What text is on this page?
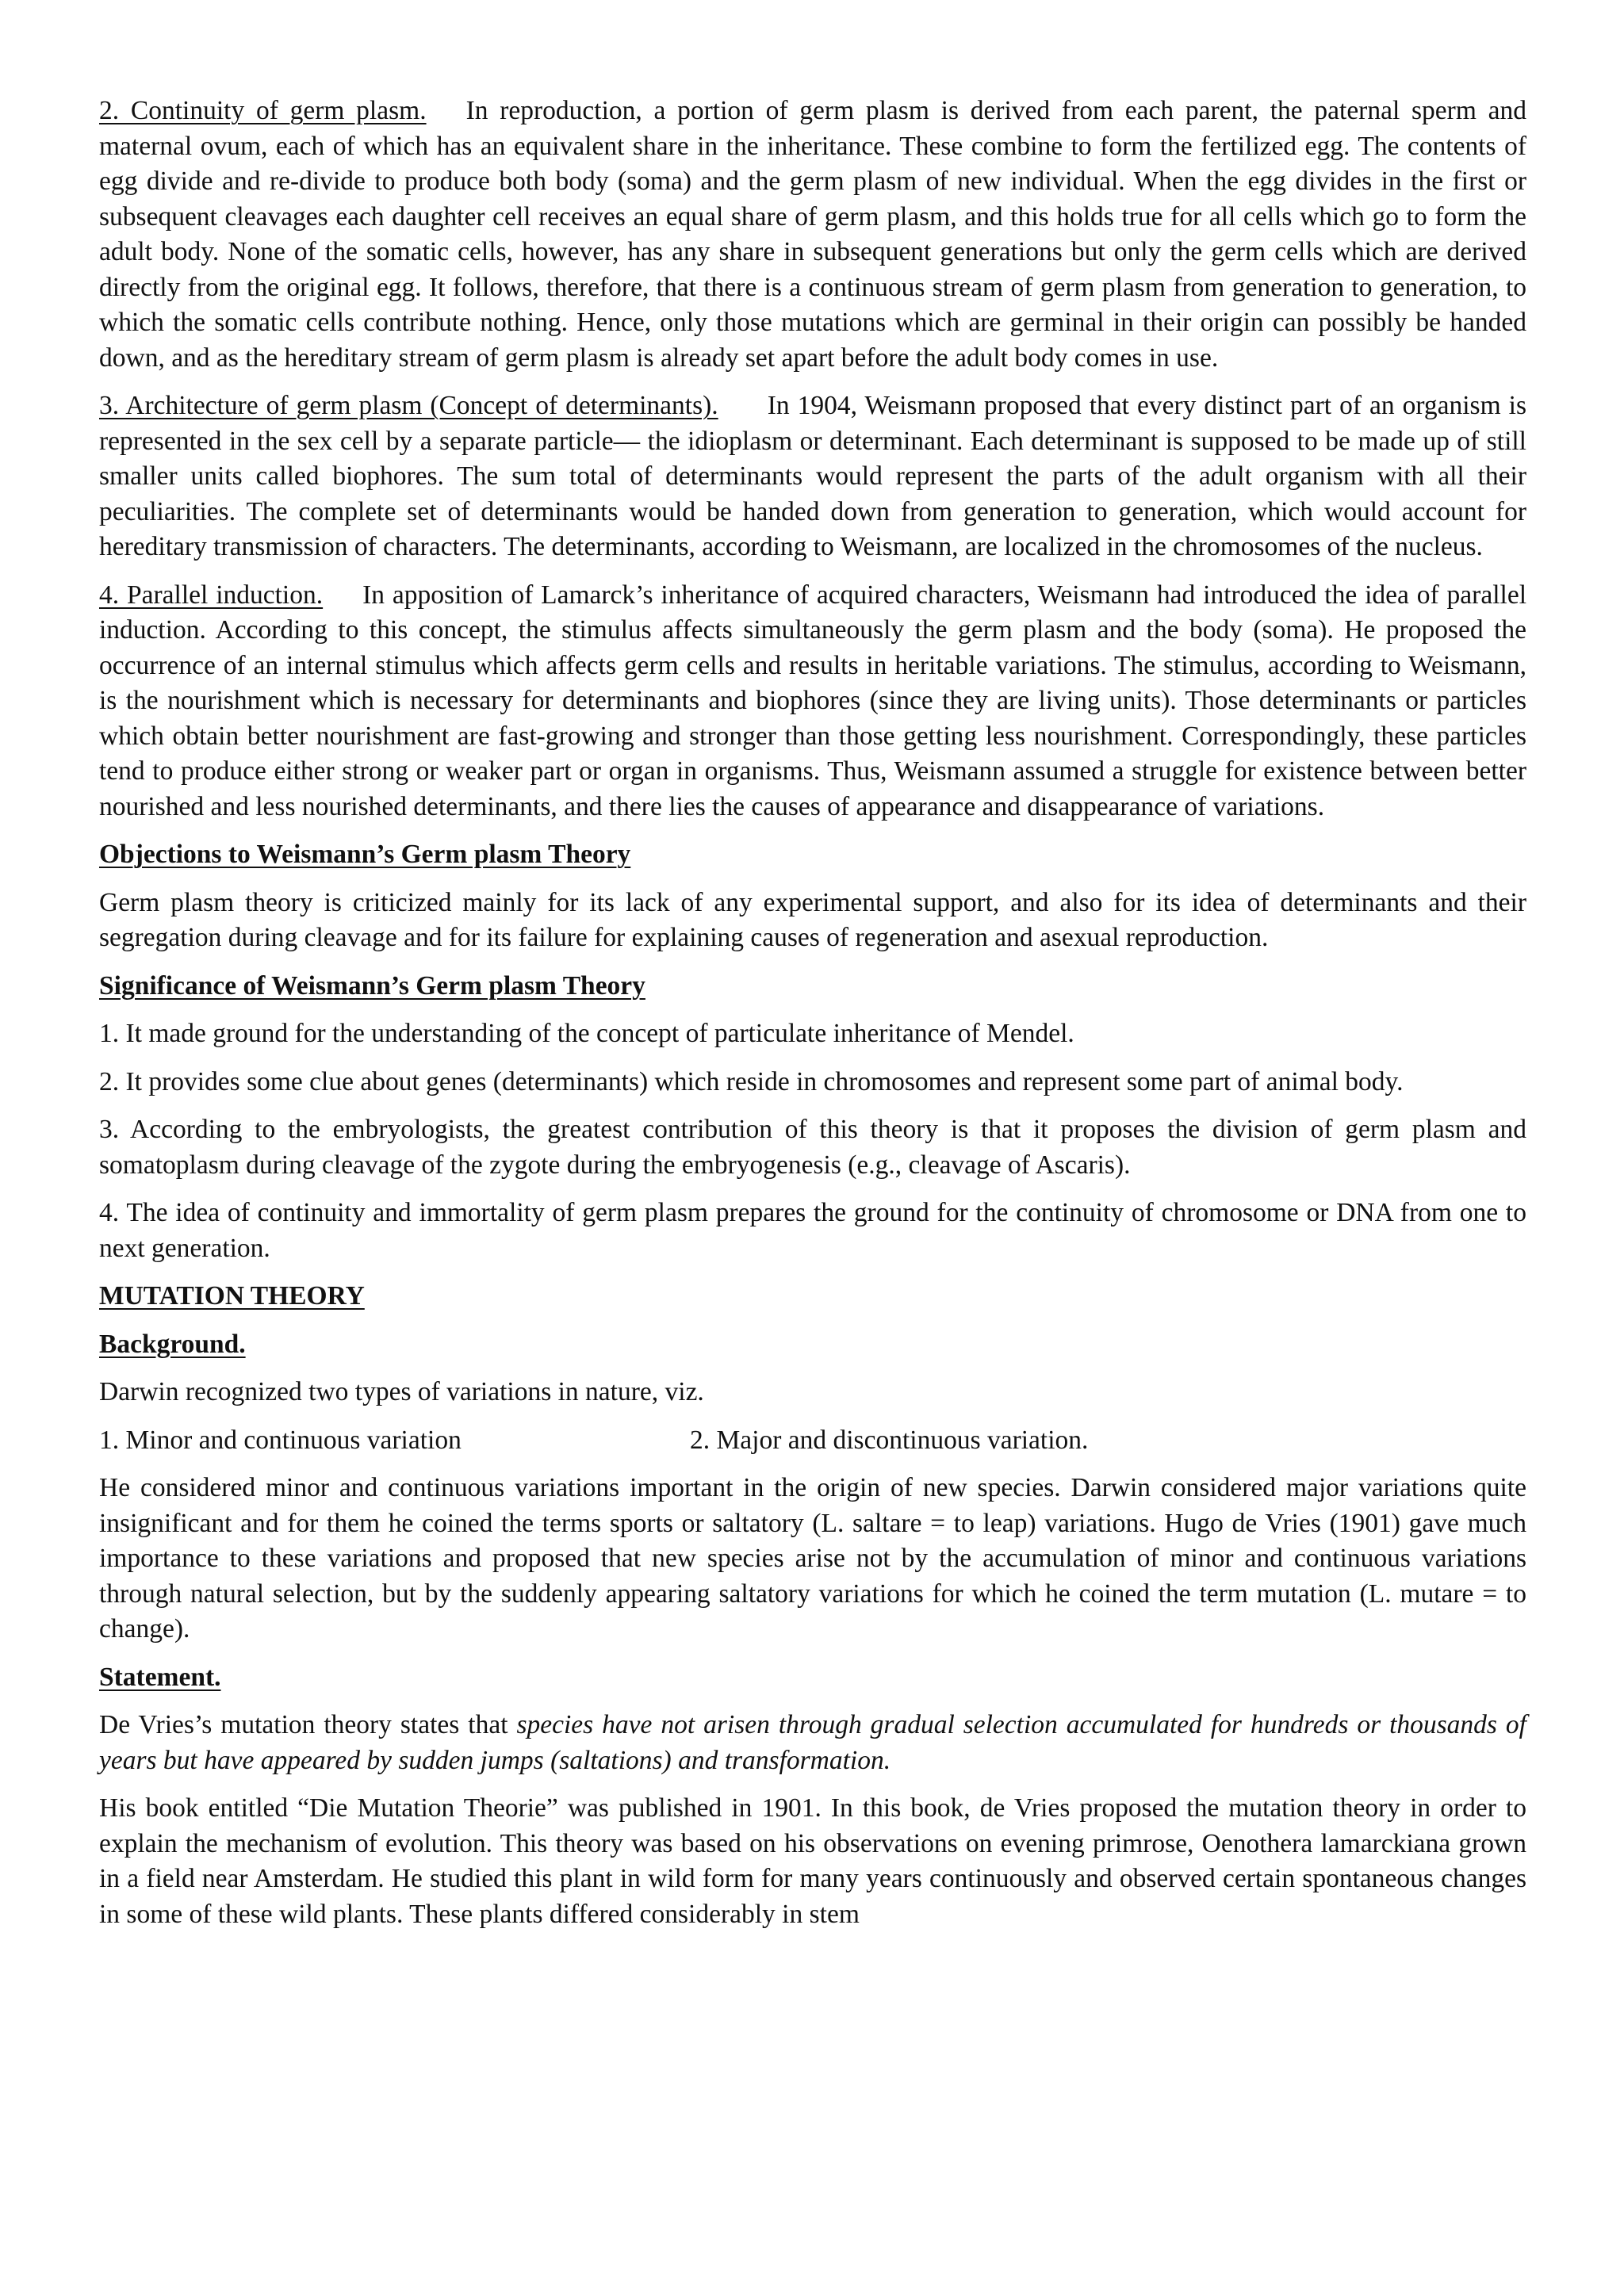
2. Continuity of germ plasm. In reproduction, a portion of germ plasm is derived from each parent, the paternal sperm and maternal ovum, each of which has an equivalent share in the inheritance. These combine to form the fertilized egg. The contents of egg divide and re-divide to produce both body (soma) and the germ plasm of new individual. When the egg divides in the first or subsequent cleavages each daughter cell receives an equal share of germ plasm, and this holds true for all cells which go to form the adult body. None of the somatic cells, however, has any share in subsequent generations but only the germ cells which are derived directly from the original egg. It follows, therefore, that there is a continuous stream of germ plasm from generation to generation, to which the somatic cells contribute nothing. Hence, only those mutations which are germinal in their origin can possibly be handed down, and as the hereditary stream of germ plasm is already set apart before the adult body comes in use.

3. Architecture of germ plasm (Concept of determinants). In 1904, Weismann proposed that every distinct part of an organism is represented in the sex cell by a separate particle— the idioplasm or determinant. Each determinant is supposed to be made up of still smaller units called biophores. The sum total of determinants would represent the parts of the adult organism with all their peculiarities. The complete set of determinants would be handed down from generation to generation, which would account for hereditary transmission of characters. The determinants, according to Weismann, are localized in the chromosomes of the nucleus.

4. Parallel induction. In apposition of Lamarck’s inheritance of acquired characters, Weismann had introduced the idea of parallel induction. According to this concept, the stimulus affects simultaneously the germ plasm and the body (soma). He proposed the occurrence of an internal stimulus which affects germ cells and results in heritable variations. The stimulus, according to Weismann, is the nourishment which is necessary for determinants and biophores (since they are living units). Those determinants or particles which obtain better nourishment are fast-growing and stronger than those getting less nourishment. Correspondingly, these particles tend to produce either strong or weaker part or organ in organisms. Thus, Weismann assumed a struggle for existence between better nourished and less nourished determinants, and there lies the causes of appearance and disappearance of variations.

Objections to Weismann’s Germ plasm Theory

Germ plasm theory is criticized mainly for its lack of any experimental support, and also for its idea of determinants and their segregation during cleavage and for its failure for explaining causes of regeneration and asexual reproduction.

Significance of Weismann’s Germ plasm Theory

1. It made ground for the understanding of the concept of particulate inheritance of Mendel.

2. It provides some clue about genes (determinants) which reside in chromosomes and represent some part of animal body.

3. According to the embryologists, the greatest contribution of this theory is that it proposes the division of germ plasm and somatoplasm during cleavage of the zygote during the embryogenesis (e.g., cleavage of Ascaris).

4. The idea of continuity and immortality of germ plasm prepares the ground for the continuity of chromosome or DNA from one to next generation.

MUTATION THEORY
Background.

Darwin recognized two types of variations in nature, viz.

1. Minor and continuous variation	2. Major and discontinuous variation.

He considered minor and continuous variations important in the origin of new species. Darwin considered major variations quite insignificant and for them he coined the terms sports or saltatory (L. saltare = to leap) variations. Hugo de Vries (1901) gave much importance to these variations and proposed that new species arise not by the accumulation of minor and continuous variations through natural selection, but by the suddenly appearing saltatory variations for which he coined the term mutation (L. mutare = to change).

Statement.

De Vries’s mutation theory states that species have not arisen through gradual selection accumulated for hundreds or thousands of years but have appeared by sudden jumps (saltations) and transformation.

His book entitled “Die Mutation Theorie” was published in 1901. In this book, de Vries proposed the mutation theory in order to explain the mechanism of evolution. This theory was based on his observations on evening primrose, Oenothera lamarckiana grown in a field near Amsterdam. He studied this plant in wild form for many years continuously and observed certain spontaneous changes in some of these wild plants. These plants differed considerably in stem
